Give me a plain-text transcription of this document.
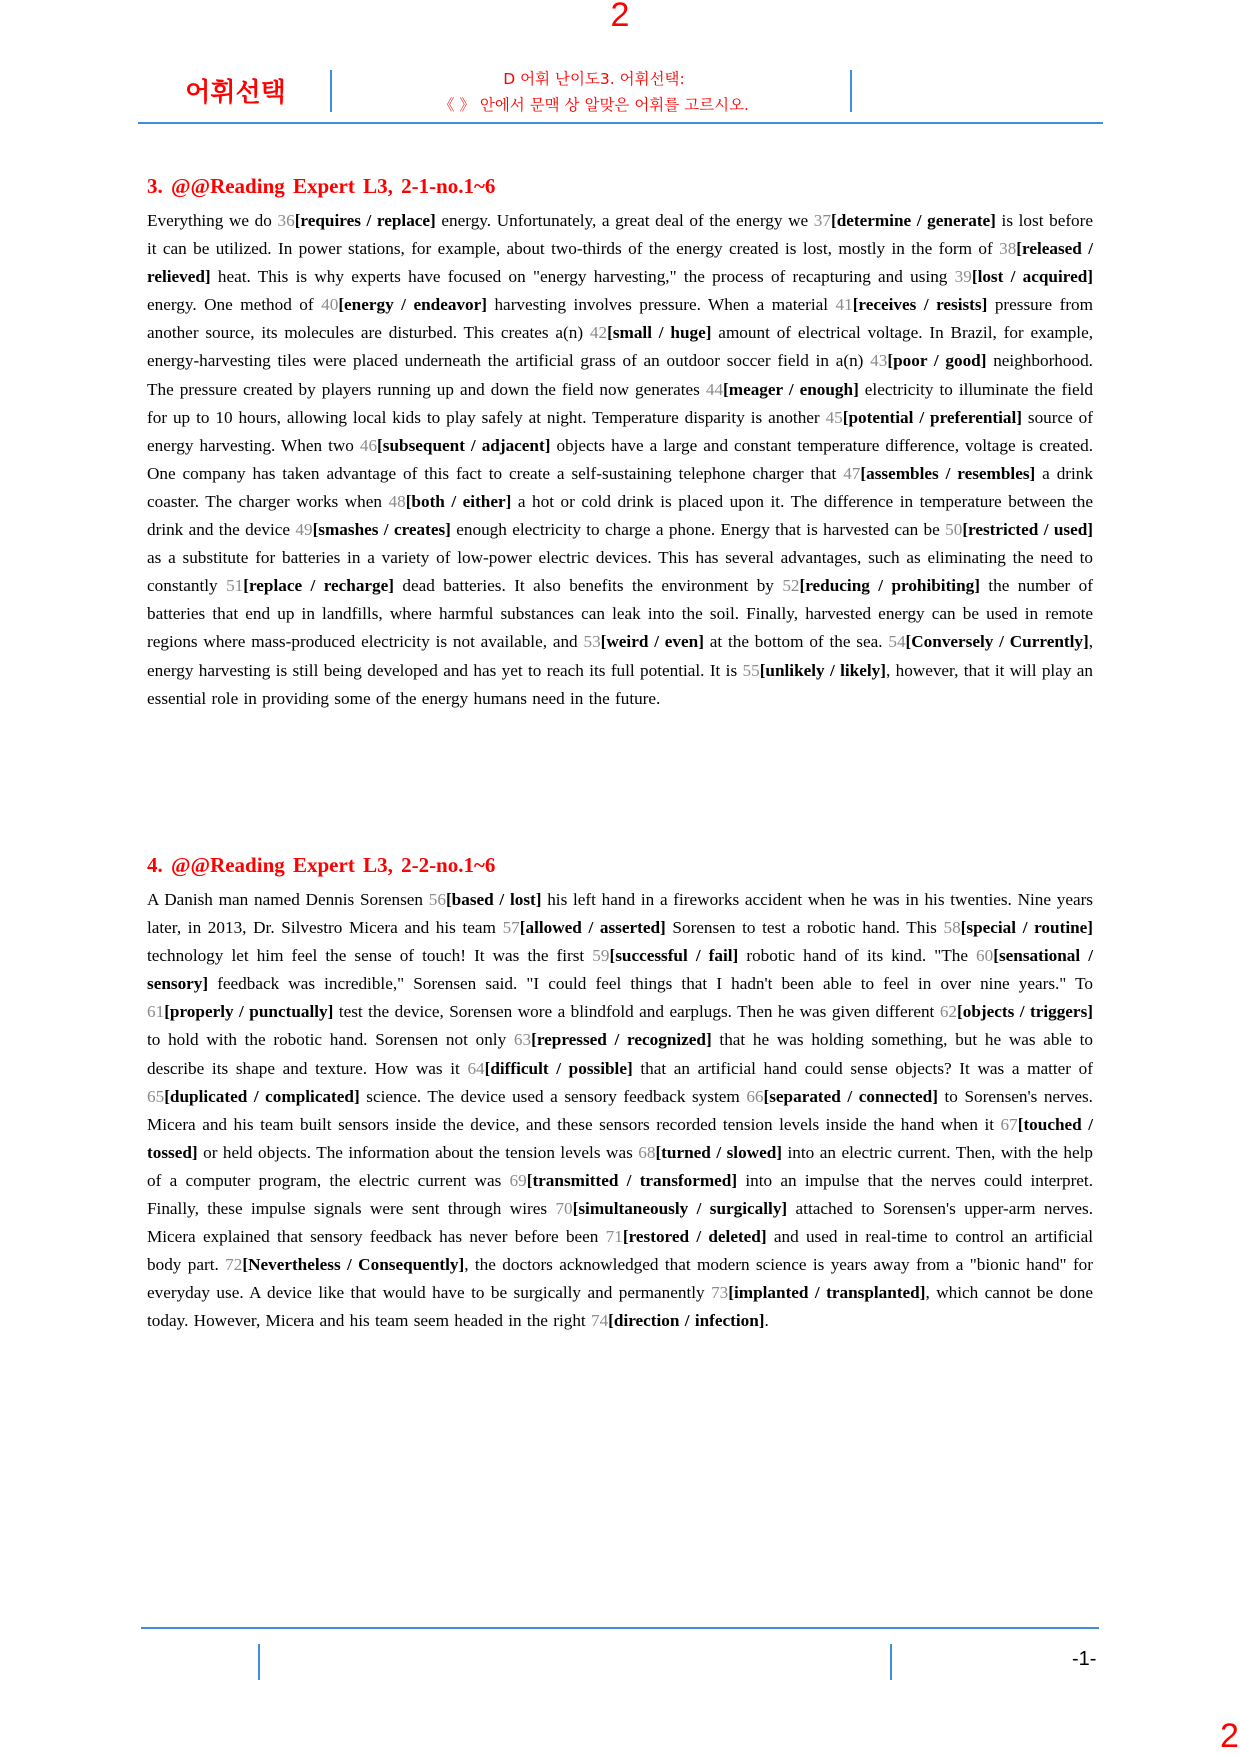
2
어휘선택	D 어휘 난이도3. 어휘선택:
《 》 안에서 문맥 상 알맞은 어휘를 고르시오.
3. @@Reading Expert L3, 2-1-no.1~6

Everything we do 36[requires / replace] energy. Unfortunately, a great deal of the energy we 37[determine / generate] is lost before it can be utilized. In power stations, for example, about two-thirds of the energy created is lost, mostly in the form of 38[released / relieved] heat. This is why experts have focused on "energy harvesting," the process of recapturing and using 39[lost / acquired] energy. One method of 40[energy / endeavor] harvesting involves pressure. When a material 41[receives / resists] pressure from another source, its molecules are disturbed. This creates a(n) 42[small / huge] amount of electrical voltage. In Brazil, for example, energy-harvesting tiles were placed underneath the artificial grass of an outdoor soccer field in a(n) 43[poor / good] neighborhood. The pressure created by players running up and down the field now generates 44[meager / enough] electricity to illuminate the field for up to 10 hours, allowing local kids to play safely at night. Temperature disparity is another 45[potential / preferential] source of energy harvesting. When two 46[subsequent / adjacent] objects have a large and constant temperature difference, voltage is created. One company has taken advantage of this fact to create a self-sustaining telephone charger that 47[assembles / resembles] a drink coaster. The charger works when 48[both / either] a hot or cold drink is placed upon it. The difference in temperature between the drink and the device 49[smashes / creates] enough electricity to charge a phone. Energy that is harvested can be 50[restricted / used] as a substitute for batteries in a variety of low-power electric devices. This has several advantages, such as eliminating the need to constantly 51[replace / recharge] dead batteries. It also benefits the environment by 52[reducing / prohibiting] the number of batteries that end up in landfills, where harmful substances can leak into the soil. Finally, harvested energy can be used in remote regions where mass-produced electricity is not available, and 53[weird / even] at the bottom of the sea. 54[Conversely / Currently], energy harvesting is still being developed and has yet to reach its full potential. It is 55[unlikely / likely], however, that it will play an essential role in providing some of the energy humans need in the future.

4. @@Reading Expert L3, 2-2-no.1~6

A Danish man named Dennis Sorensen 56[based / lost] his left hand in a fireworks accident when he was in his twenties. Nine years later, in 2013, Dr. Silvestro Micera and his team 57[allowed / asserted] Sorensen to test a robotic hand. This 58[special / routine] technology let him feel the sense of touch! It was the first 59[successful / fail] robotic hand of its kind. "The 60[sensational / sensory] feedback was incredible," Sorensen said. "I could feel things that I hadn't been able to feel in over nine years." To 61[properly / punctually] test the device, Sorensen wore a blindfold and earplugs. Then he was given different 62[objects / triggers] to hold with the robotic hand. Sorensen not only 63[repressed / recognized] that he was holding something, but he was able to describe its shape and texture. How was it 64[difficult / possible] that an artificial hand could sense objects? It was a matter of 65[duplicated / complicated] science. The device used a sensory feedback system 66[separated / connected] to Sorensen's nerves. Micera and his team built sensors inside the device, and these sensors recorded tension levels inside the hand when it 67[touched / tossed] or held objects. The information about the tension levels was 68[turned / slowed] into an electric current. Then, with the help of a computer program, the electric current was 69[transmitted / transformed] into an impulse that the nerves could interpret. Finally, these impulse signals were sent through wires 70[simultaneously / surgically] attached to Sorensen's upper-arm nerves. Micera explained that sensory feedback has never before been 71[restored / deleted] and used in real-time to control an artificial body part. 72[Nevertheless / Consequently], the doctors acknowledged that modern science is years away from a "bionic hand" for everyday use. A device like that would have to be surgically and permanently 73[implanted / transplanted], which cannot be done today. However, Micera and his team seem headed in the right 74[direction / infection].

-1-
2
